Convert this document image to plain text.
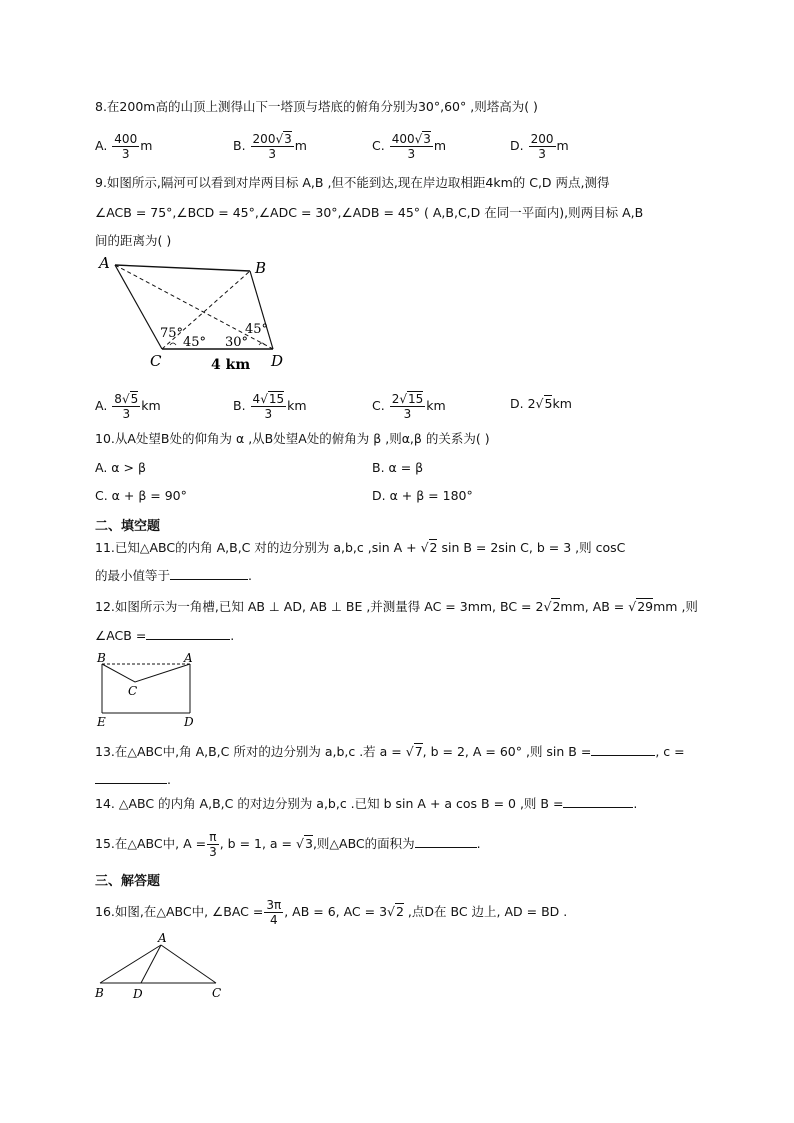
8.在200m高的山顶上测得山下一塔顶与塔底的俯角分别为30°,60° ,则塔高为( )
A. $\frac{400}{3}$ m	B. $\frac{200√3}{3}$ m	C. $\frac{400√3}{3}$ m	D. $\frac{200}{3}$ m
9.如图所示,隔河可以看到对岸两目标 A,B ,但不能到达,现在岸边取相距4km的 C,D 两点,测得
∠ACB = 75°,∠BCD = 45°,∠ADC = 30°,∠ADB = 45° ( A,B,C,D 在同一平面内),则两目标 A,B
间的距离为( )
A	B
C	D
75°
45° 30°
45°
4 km
A. $\frac{8√5}{3}$ km	B. $\frac{4√15}{3}$ km	C. $\frac{2√15}{3}$ km	D. 2√5km
10.从A处望B处的仰角为 α ,从B处望A处的俯角为 β ,则α,β 的关系为( )
A. α > β	B. α = β
C. α + β = 90°	D. α + β = 180°
二、填空题
11.已知△ABC的内角 A,B,C 对的边分别为 a,b,c ,sin A + √2 sin B = 2sin C, b = 3 ,则 cosC
的最小值等于	.
12.如图所示为一角槽,已知 AB ⊥ AD, AB ⊥ BE ,并测量得 AC = 3mm, BC = 2√2mm, AB = √29mm ,则
∠ACB =	.
B	A
C
E	D
13.在△ABC中,角 A,B,C 所对的边分别为 a,b,c .若 a = √7, b = 2, A = 60° ,则 sin B =	, c =
.
14. △ABC 的内角 A,B,C 的对边分别为 a,b,c .已知 b sin A + a cos B = 0 ,则 B =	.
15.在△ABC中, $A = \frac{\pi}{3}$ , b = 1, a = √3,则△ABC的面积为	.
三、解答题
16.如图,在△ABC中, ∠BAC = $\frac{3\pi}{4}$ , AB = 6, AC = 3√2 ,点D在 BC 边上, AD = BD .
A
B D	C
